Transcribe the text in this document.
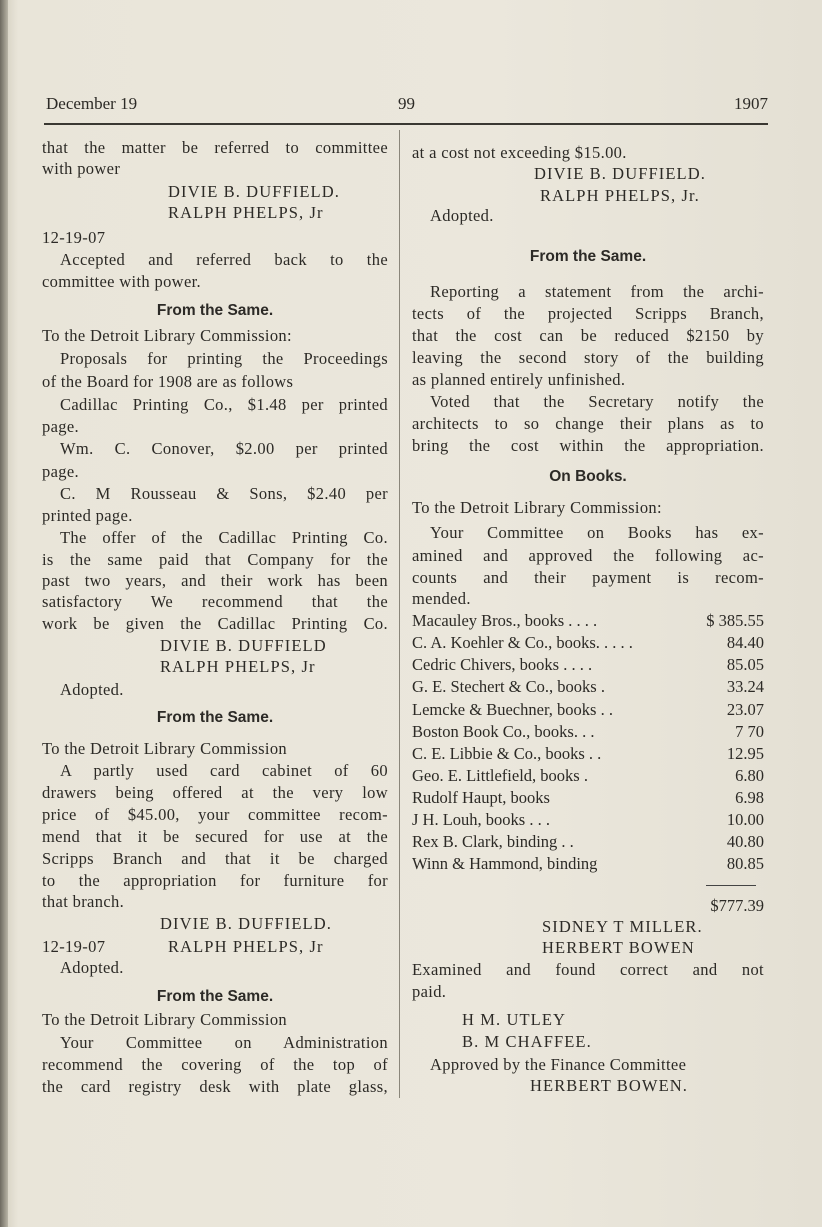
December 19	99	1907
that the matter be referred to committee
with power
DIVIE B. DUFFIELD.
RALPH PHELPS, Jr
12-19-07
Accepted and referred back to the
committee with power.
From the Same.
To the Detroit Library Commission:
Proposals for printing the Proceedings
of the Board for 1908 are as follows
Cadillac Printing Co., $1.48 per printed
page.
Wm. C. Conover, $2.00 per printed
page.
C. M Rousseau & Sons, $2.40 per
printed page.
The offer of the Cadillac Printing Co.
is the same paid that Company for the
past two years, and their work has been
satisfactory We recommend that the
work be given the Cadillac Printing Co.
DIVIE B. DUFFIELD
RALPH PHELPS, Jr
Adopted.
From the Same.
To the Detroit Library Commission
A partly used card cabinet of 60
drawers being offered at the very low
price of $45.00, your committee recom-
mend that it be secured for use at the
Scripps Branch and that it be charged
to the appropriation for furniture for
that branch.
DIVIE B. DUFFIELD.
12-19-07	RALPH PHELPS, Jr
Adopted.
From the Same.
To the Detroit Library Commission
Your Committee on Administration
recommend the covering of the top of
the card registry desk with plate glass,
at a cost not exceeding $15.00.
DIVIE B. DUFFIELD.
RALPH PHELPS, Jr.
Adopted.
From the Same.
Reporting a statement from the archi-
tects of the projected Scripps Branch,
that the cost can be reduced $2150 by
leaving the second story of the building
as planned entirely unfinished.
Voted that the Secretary notify the
architects to so change their plans as to
bring the cost within the appropriation.
On Books.
To the Detroit Library Commission:
Your Committee on Books has ex-
amined and approved the following ac-
counts and their payment is recom-
mended.
Macauley Bros., books . . . .	$ 385.55
C. A. Koehler & Co., books. . . . .	84.40
Cedric Chivers, books . . . .	85.05
G. E. Stechert & Co., books .	33.24
Lemcke & Buechner, books . .	23.07
Boston Book Co., books. . .	7 70
C. E. Libbie & Co., books . .	12.95
Geo. E. Littlefield, books .	6.80
Rudolf Haupt, books	6.98
J H. Louh, books . . .	10.00
Rex B. Clark, binding . .	40.80
Winn & Hammond, binding	80.85
$777.39
SIDNEY T MILLER.
HERBERT BOWEN
Examined and found correct and not
paid.
H M. UTLEY
B. M CHAFFEE.
Approved by the Finance Committee
HERBERT BOWEN.
